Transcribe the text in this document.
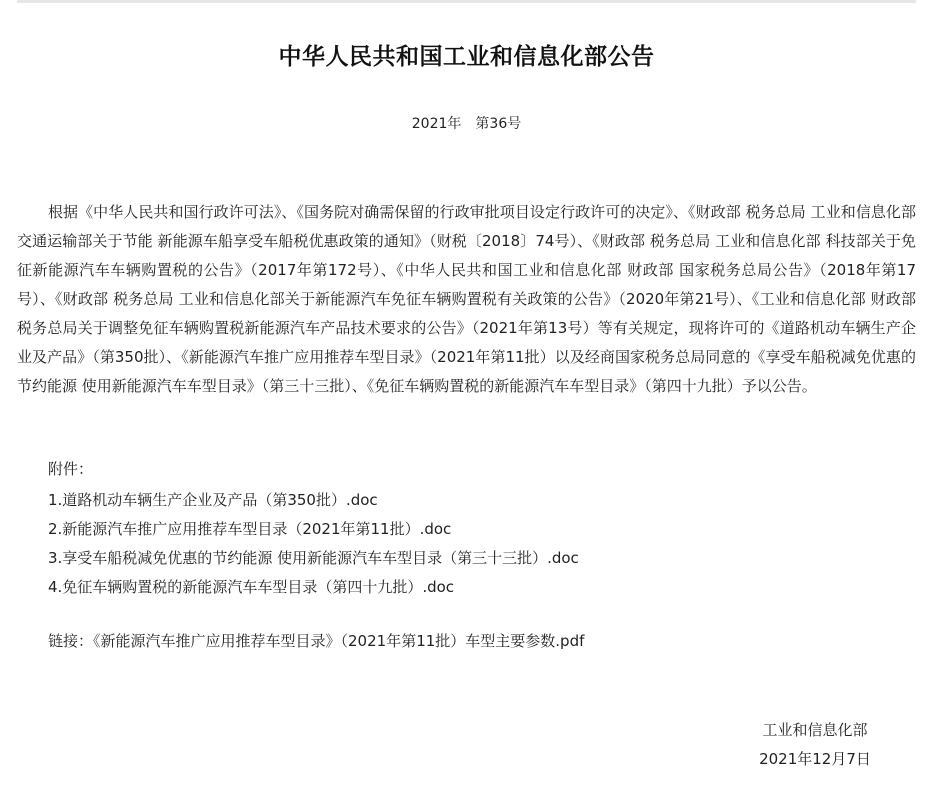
中华人民共和国工业和信息化部公告
2021年 第36号

根据《中华人民共和国行政许可法》、《国务院对确需保留的行政审批项目设定行政许可的决定》、《财政部 税务总局 工业和信息化部 交通运输部关于节能 新能源车船享受车船税优惠政策的通知》（财税〔2018〕74号）、《财政部 税务总局 工业和信息化部 科技部关于免征新能源汽车车辆购置税的公告》（2017年第172号）、《中华人民共和国工业和信息化部 财政部 国家税务总局公告》（2018年第17号）、《财政部 税务总局 工业和信息化部关于新能源汽车免征车辆购置税有关政策的公告》（2020年第21号）、《工业和信息化部 财政部 税务总局关于调整免征车辆购置税新能源汽车产品技术要求的公告》（2021年第13号）等有关规定，现将许可的《道路机动车辆生产企业及产品》（第350批）、《新能源汽车推广应用推荐车型目录》（2021年第11批）以及经商国家税务总局同意的《享受车船税减免优惠的节约能源 使用新能源汽车车型目录》（第三十三批）、《免征车辆购置税的新能源汽车车型目录》（第四十九批）予以公告。

附件：
1.道路机动车辆生产企业及产品（第350批）.doc
2.新能源汽车推广应用推荐车型目录（2021年第11批）.doc
3.享受车船税减免优惠的节约能源 使用新能源汽车车型目录（第三十三批）.doc
4.免征车辆购置税的新能源汽车车型目录（第四十九批）.doc
链接：《新能源汽车推广应用推荐车型目录》（2021年第11批）车型主要参数.pdf
工业和信息化部
2021年12月7日
